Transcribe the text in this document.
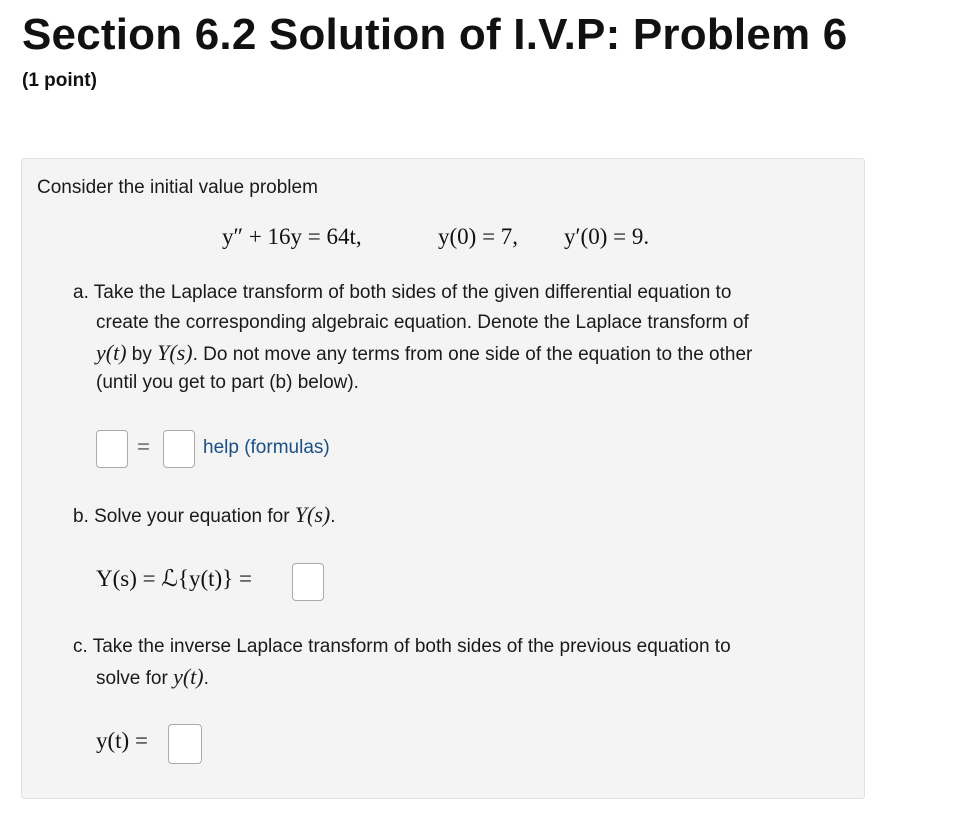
Section 6.2 Solution of I.V.P: Problem 6
(1 point)
Consider the initial value problem
y″ + 16y = 64t,	y(0) = 7, y′(0) = 9.
a. Take the Laplace transform of both sides of the given differential equation to
create the corresponding algebraic equation. Denote the Laplace transform of
y(t) by Y(s). Do not move any terms from one side of the equation to the other
(until you get to part (b) below).
=	help (formulas)
b. Solve your equation for Y(s).
Y(s) = ℒ{y(t)} =
c. Take the inverse Laplace transform of both sides of the previous equation to
solve for y(t).
y(t) =
